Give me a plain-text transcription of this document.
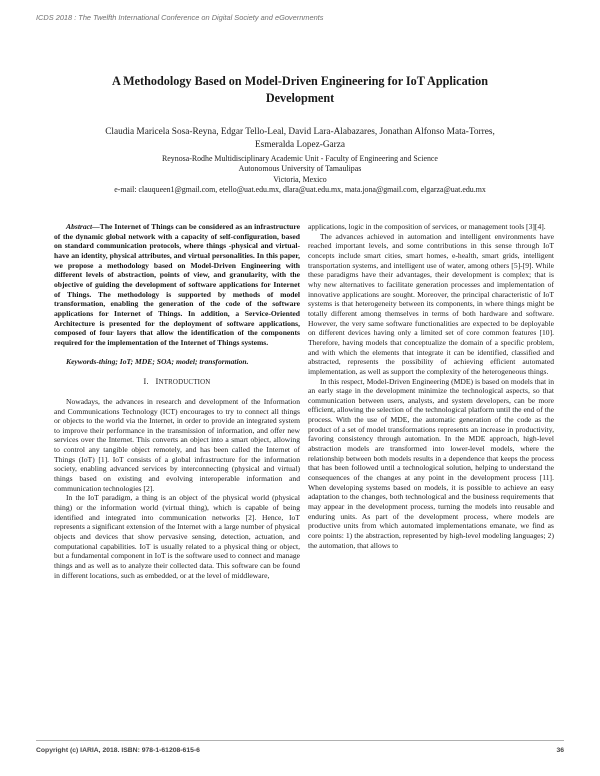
ICDS 2018 : The Twelfth International Conference on Digital Society and eGovernments
A Methodology Based on Model-Driven Engineering for IoT Application
Development
Claudia Maricela Sosa-Reyna, Edgar Tello-Leal, David Lara-Alabazares, Jonathan Alfonso Mata-Torres,
Esmeralda Lopez-Garza
Reynosa-Rodhe Multidisciplinary Academic Unit - Faculty of Engineering and Science
Autonomous University of Tamaulipas
Victoria, Mexico
e-mail: clauqueen1@gmail.com, etello@uat.edu.mx, dlara@uat.edu.mx, mata.jona@gmail.com, elgarza@uat.edu.mx

Abstract—The Internet of Things can be considered as an infrastructure of the dynamic global network with a capacity of self-configuration, based on standard communication protocols, where things -physical and virtual- have an identity, physical attributes, and virtual personalities. In this paper, we propose a methodology based on Model-Driven Engineering with different levels of abstraction, points of view, and granularity, with the objective of guiding the development of software applications for Internet of Things. The methodology is supported by methods of model transformation, enabling the generation of the code of the software applications for Internet of Things. In addition, a Service-Oriented Architecture is presented for the deployment of software applications, composed of four layers that allow the identification of the components required for the implementation of the Internet of Things systems.

Keywords-thing; IoT; MDE; SOA; model; transformation.

I. INTRODUCTION

Nowadays, the advances in research and development of the Information and Communications Technology (ICT) encourages to try to connect all things or objects to the world via the Internet, in order to provide an integrated system to improve their performance in the transmission of information, and offer new services over the Internet. This converts an object into a smart object, allowing to control any tangible object remotely, and has been called the Internet of Things (IoT) [1]. IoT consists of a global infrastructure for the information society, enabling advanced services by interconnecting (physical and virtual) things based on existing and evolving interoperable information and communication technologies [2].

In the IoT paradigm, a thing is an object of the physical world (physical thing) or the information world (virtual thing), which is capable of being identified and integrated into communication networks [2]. Hence, IoT represents a significant extension of the Internet with a large number of physical objects and devices that show pervasive sensing, detection, actuation, and computational capabilities. IoT is usually related to a physical thing or object, but a fundamental component in IoT is the software used to connect and manage things and as well as to analyze their collected data. This software can be found in different locations, such as embedded, or at the level of middleware,

applications, logic in the composition of services, or management tools [3][4].

The advances achieved in automation and intelligent environments have reached important levels, and some contributions in this sense through IoT concepts include smart cities, smart homes, e-health, smart grids, intelligent transportation systems, and intelligent use of water, among others [5]-[9]. While these paradigms have their advantages, their development is complex; that is why new alternatives to facilitate generation processes and implementation of innovative applications are sought. Moreover, the principal characteristic of IoT systems is that heterogeneity between its components, in where things might be totally different among themselves in terms of both hardware and software. However, the very same software functionalities are expected to be deployable on different devices having only a limited set of core common features [10]. Therefore, having models that conceptualize the domain of a specific problem, and with which the elements that integrate it can be identified, classified and abstracted, represents the possibility of achieving efficient automated implementation, as well as support the complexity of the heterogeneous things.

In this respect, Model-Driven Engineering (MDE) is based on models that in an early stage in the development minimize the technological aspects, so that communication between users, analysts, and system developers, can be more efficient, allowing the selection of the technological platform until the end of the process. With the use of MDE, the automatic generation of the code as the product of a set of model transformations represents an increase in productivity, favoring consistency through automation. In the MDE approach, high-level abstraction models are transformed into lower-level models, where the relationship between both models results in a dependence that keeps the process that has been followed until a technological solution, helping to understand the consequences of the changes at any point in the development process [11]. When developing systems based on models, it is possible to achieve an easy adaptation to the changes, both technological and the business requirements that may appear in the development process, turning the models into reusable and enduring units. As part of the development process, where models are productive units from which automated implementations emanate, we find as core points: 1) the abstraction, represented by high-level modeling languages; 2) the automation, that allows to

Copyright (c) IARIA, 2018. ISBN: 978-1-61208-615-6	36
